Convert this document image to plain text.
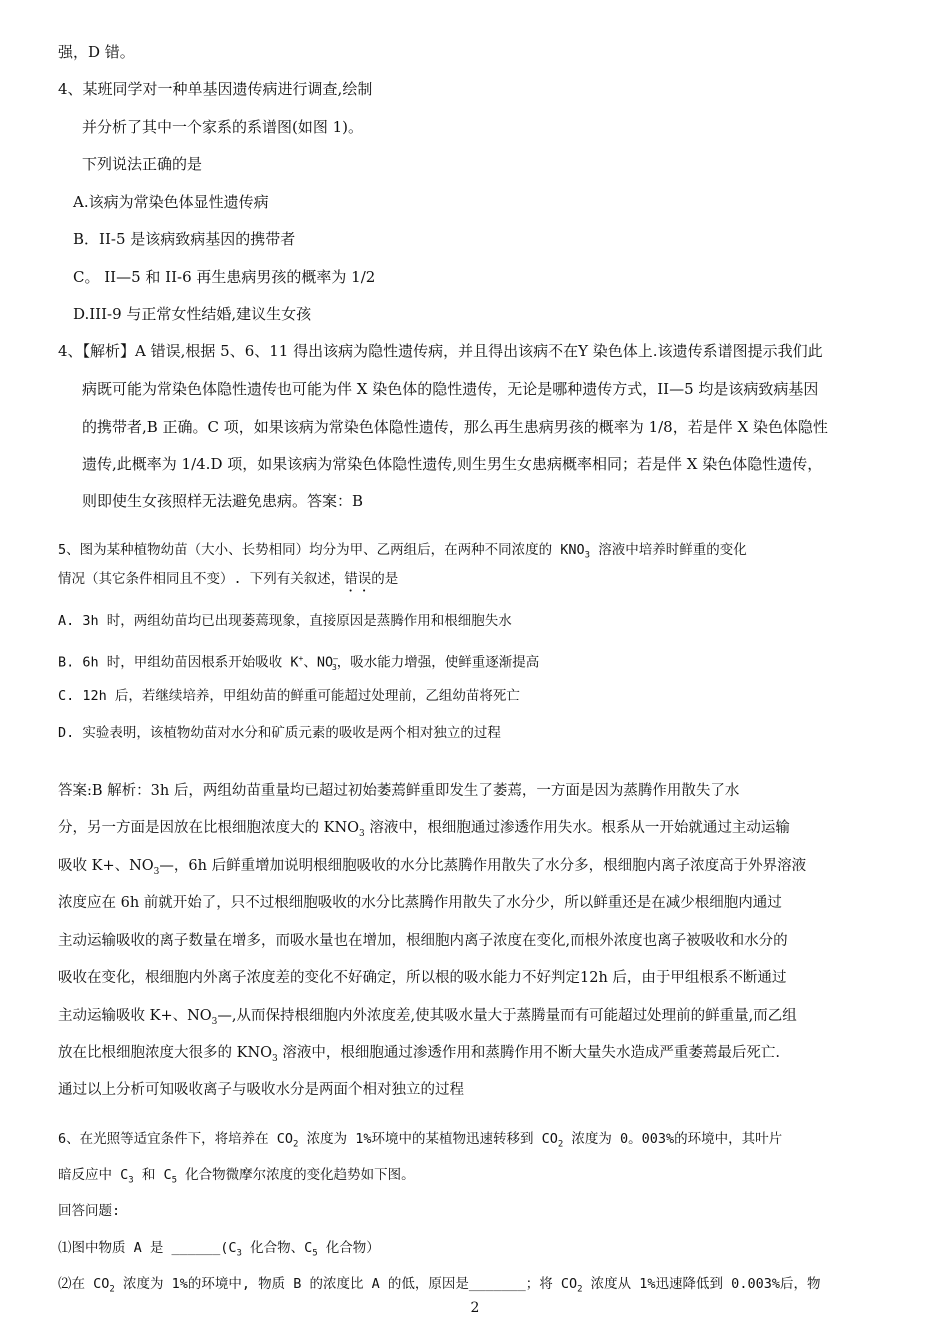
强，D 错。
4、某班同学对一种单基因遗传病进行调查,绘制
并分析了其中一个家系的系谱图(如图 1)。
下列说法正确的是
A.该病为常染色体显性遗传病
B．II-5 是该病致病基因的携带者
C。 II—5 和 II-6 再生患病男孩的概率为 1/2
D.III-9 与正常女性结婚,建议生女孩
4、【解析】A 错误,根据 5、6、11 得出该病为隐性遗传病，并且得出该病不在Y 染色体上.该遗传系谱图提示我们此
病既可能为常染色体隐性遗传也可能为伴 X 染色体的隐性遗传，无论是哪种遗传方式，II—5 均是该病致病基因
的携带者,B 正确。C 项，如果该病为常染色体隐性遗传，那么再生患病男孩的概率为 1/8，若是伴 X 染色体隐性
遗传,此概率为 1/4.D 项，如果该病为常染色体隐性遗传,则生男生女患病概率相同；若是伴 X 染色体隐性遗传，
则即使生女孩照样无法避免患病。答案：B
5、图为某种植物幼苗（大小、长势相同）均分为甲、乙两组后，在两种不同浓度的 $KNO_3$ 溶液中培养时鲜重的变化
情况（其它条件相同且不变）. 下列有关叙述，错误的是
A. 3h 时，两组幼苗均已出现萎蔫现象，直接原因是蒸腾作用和根细胞失水
B. 6h 时，甲组幼苗因根系开始吸收 K+、$NO^—_3$，吸水能力增强，使鲜重逐渐提高
C. 12h 后，若继续培养，甲组幼苗的鲜重可能超过处理前，乙组幼苗将死亡
D. 实验表明，该植物幼苗对水分和矿质元素的吸收是两个相对独立的过程
答案:B 解析：3h 后，两组幼苗重量均已超过初始萎蔫鲜重即发生了萎蔫，一方面是因为蒸腾作用散失了水
分，另一方面是因放在比根细胞浓度大的 $KNO_3$ 溶液中，根细胞通过渗透作用失水。根系从一开始就通过主动运输
吸收 K+、$NO_3—$，6h 后鲜重增加说明根细胞吸收的水分比蒸腾作用散失了水分多，根细胞内离子浓度高于外界溶液
浓度应在 6h 前就开始了，只不过根细胞吸收的水分比蒸腾作用散失了水分少，所以鲜重还是在减少根细胞内通过
主动运输吸收的离子数量在增多，而吸水量也在增加，根细胞内离子浓度在变化,而根外浓度也离子被吸收和水分的
吸收在变化，根细胞内外离子浓度差的变化不好确定，所以根的吸水能力不好判定12h 后，由于甲组根系不断通过
主动运输吸收 K+、$NO_3—$,从而保持根细胞内外浓度差,使其吸水量大于蒸腾量而有可能超过处理前的鲜重量,而乙组
放在比根细胞浓度大很多的 $KNO_3$ 溶液中，根细胞通过渗透作用和蒸腾作用不断大量失水造成严重萎蔫最后死亡.
通过以上分析可知吸收离子与吸收水分是两面个相对独立的过程
6、在光照等适宜条件下，将培养在 $CO_2$ 浓度为 1%环境中的某植物迅速转移到 $CO_2$ 浓度为 0。003%的环境中，其叶片
暗反应中 $C_3$ 和 $C_5$ 化合物微摩尔浓度的变化趋势如下图。
回答问题:
⑴图中物质 A 是 $\_\_\_\_\_\_(C_3$ 化合物、$C_5$ 化合物）
⑵在 $CO_2$ 浓度为 1%的环境中, 物质 B 的浓度比 A 的低，原因是_______；将 $CO_2$ 浓度从 1%迅速降低到 0.003%后，物
2
